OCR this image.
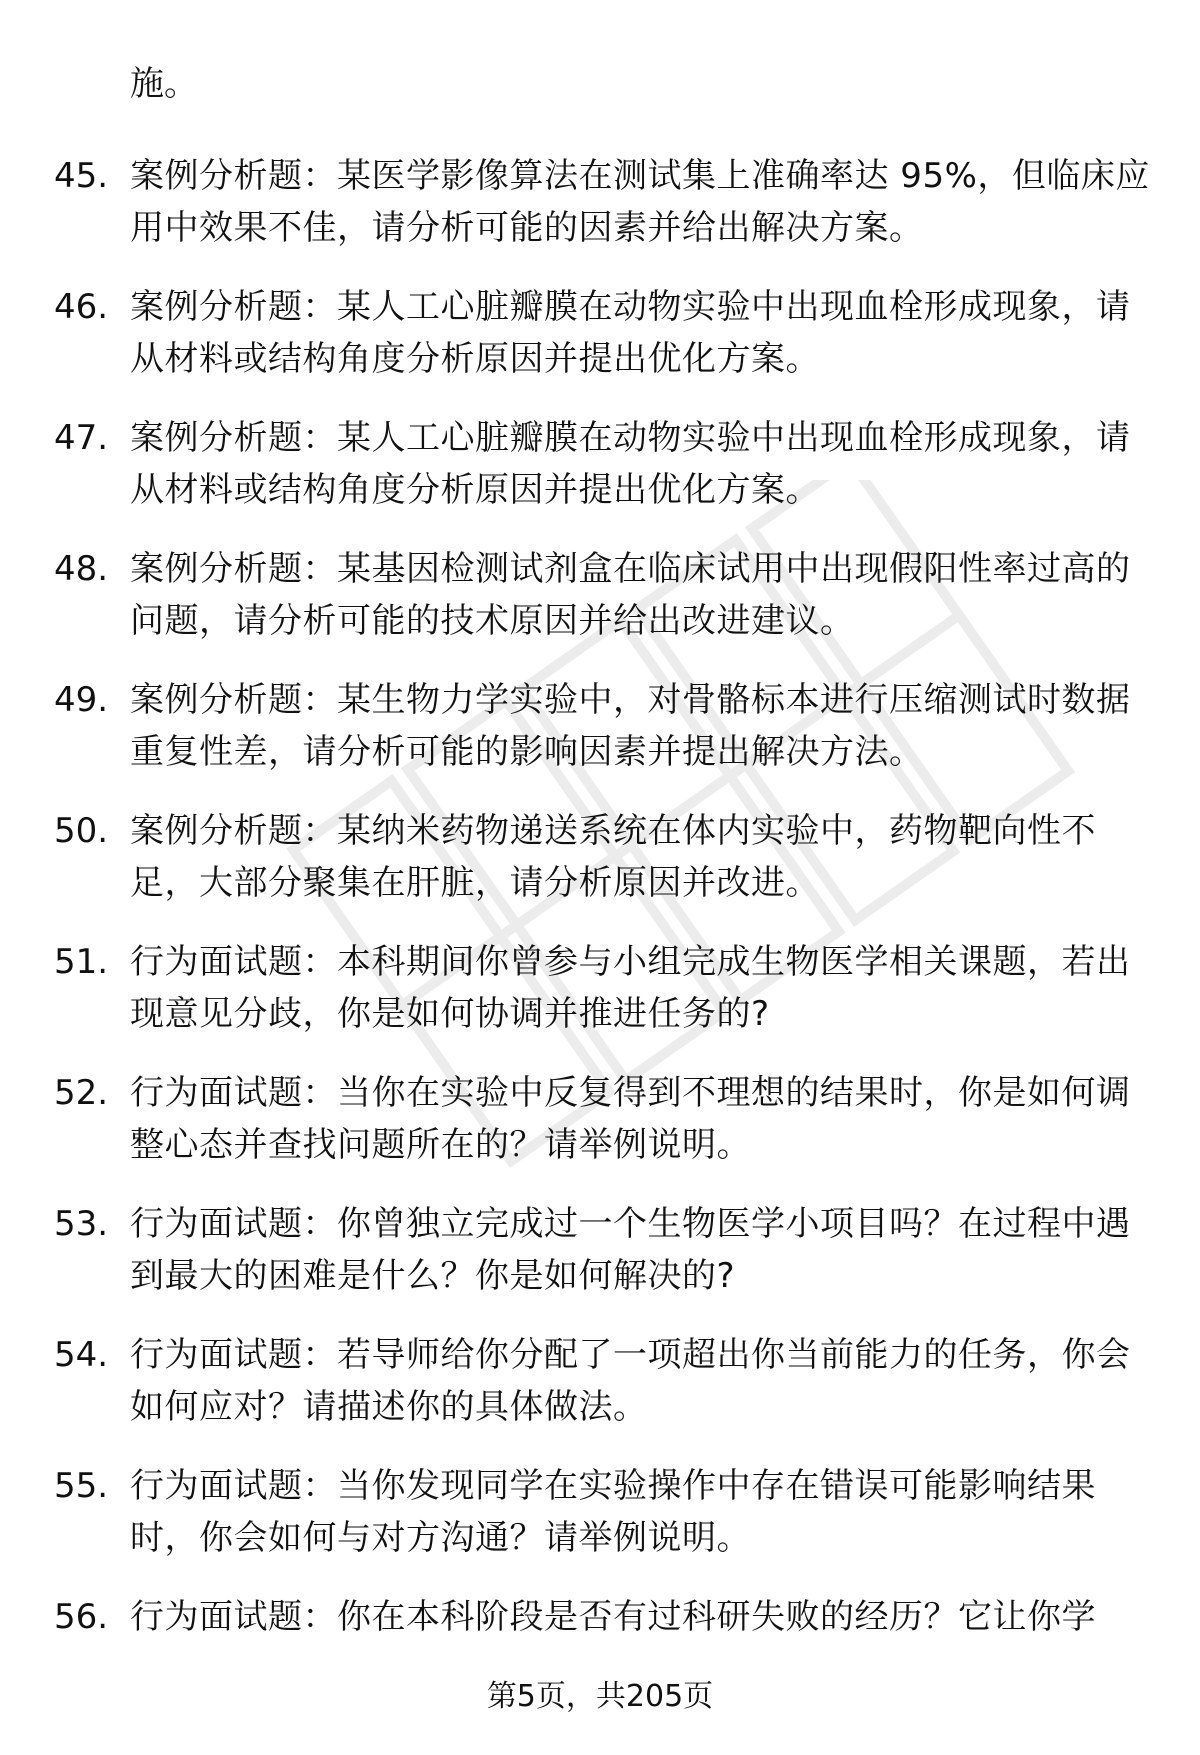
施。
45. 案例分析题：某医学影像算法在测试集上准确率达 95%，但临床应用中效果不佳，请分析可能的因素并给出解决方案。
46. 案例分析题：某人工心脏瓣膜在动物实验中出现血栓形成现象，请从材料或结构角度分析原因并提出优化方案。
47. 案例分析题：某人工心脏瓣膜在动物实验中出现血栓形成现象，请从材料或结构角度分析原因并提出优化方案。
48. 案例分析题：某基因检测试剂盒在临床试用中出现假阳性率过高的问题，请分析可能的技术原因并给出改进建议。
49. 案例分析题：某生物力学实验中，对骨骼标本进行压缩测试时数据重复性差，请分析可能的影响因素并提出解决方法。
50. 案例分析题：某纳米药物递送系统在体内实验中，药物靶向性不足，大部分聚集在肝脏，请分析原因并改进。
51. 行为面试题：本科期间你曾参与小组完成生物医学相关课题，若出现意见分歧，你是如何协调并推进任务的?
52. 行为面试题：当你在实验中反复得到不理想的结果时，你是如何调整心态并查找问题所在的？请举例说明。
53. 行为面试题：你曾独立完成过一个生物医学小项目吗？在过程中遇到最大的困难是什么？你是如何解决的?
54. 行为面试题：若导师给你分配了一项超出你当前能力的任务，你会如何应对？请描述你的具体做法。
55. 行为面试题：当你发现同学在实验操作中存在错误可能影响结果时，你会如何与对方沟通？请举例说明。
56. 行为面试题：你在本科阶段是否有过科研失败的经历？它让你学
第5页，共205页
